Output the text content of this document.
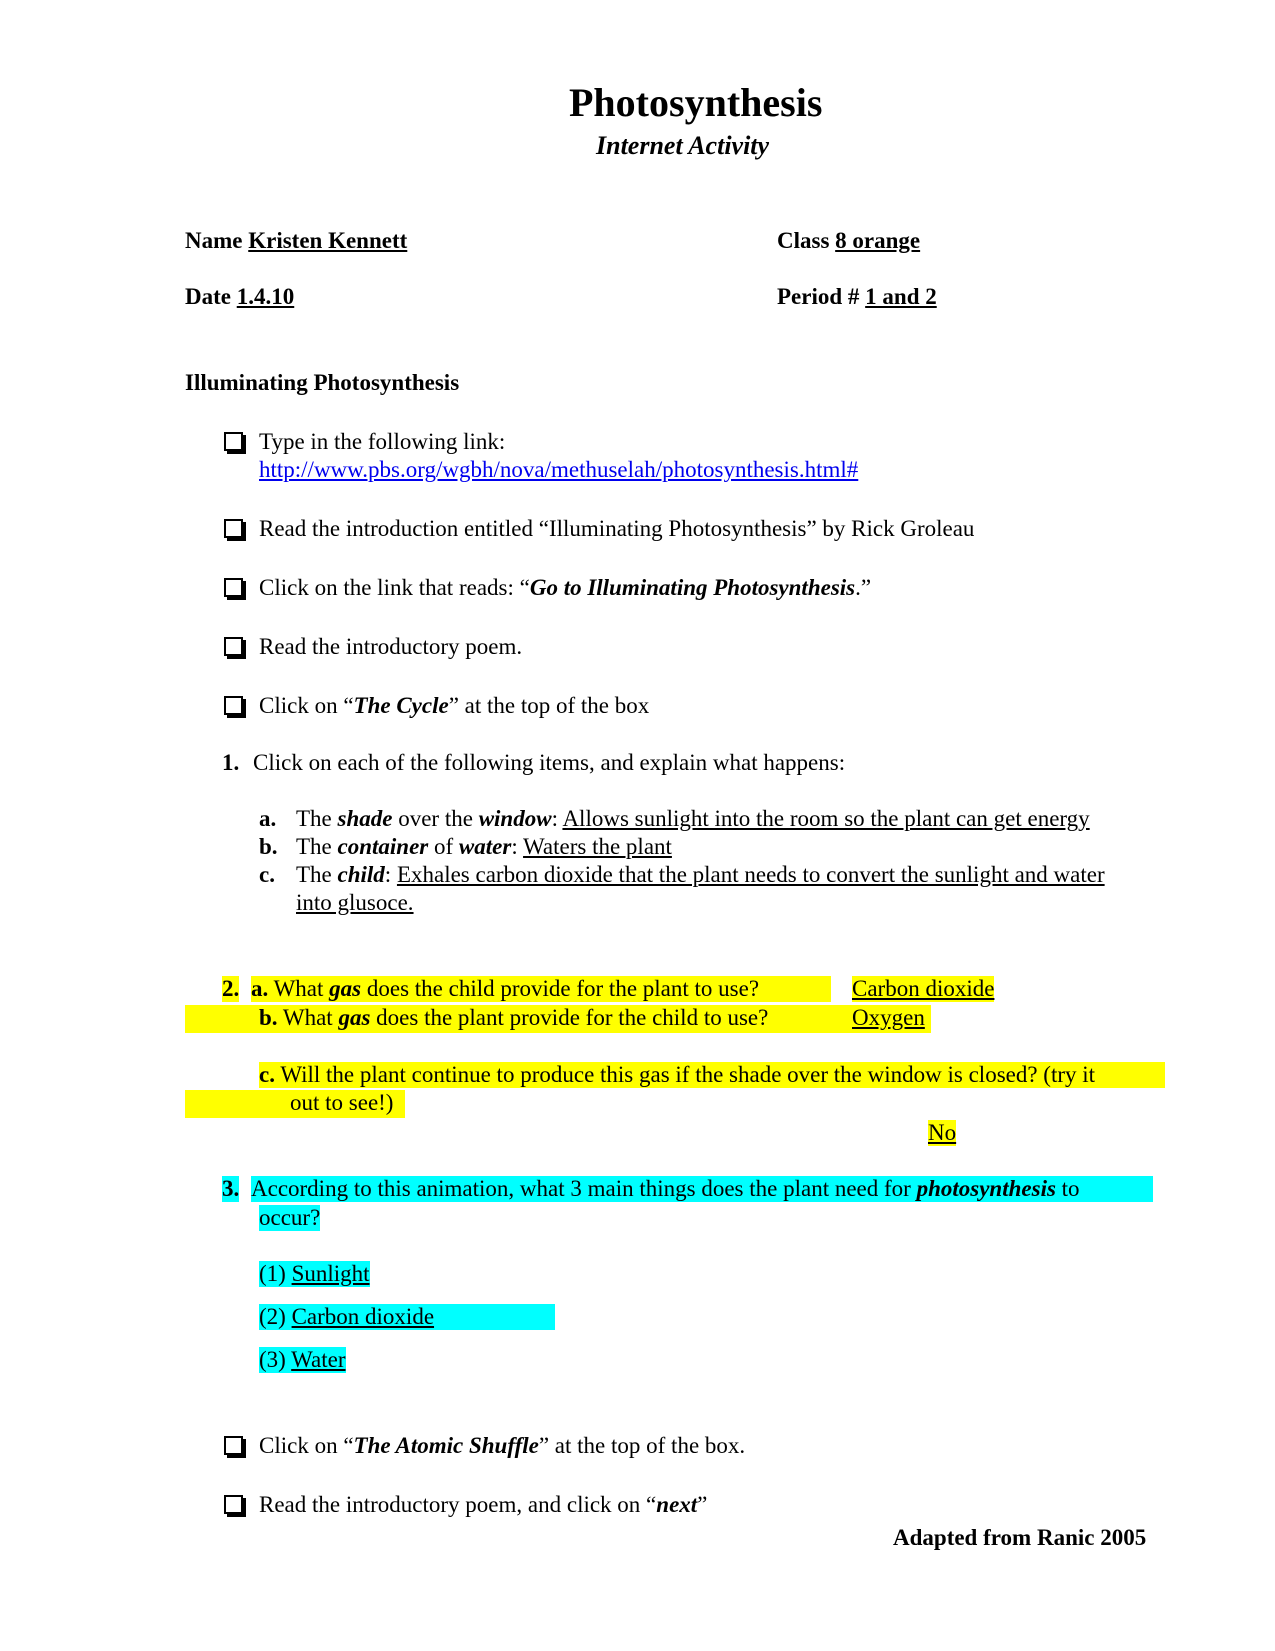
Photosynthesis
Internet Activity
Name Kristen Kennett	Class 8 orange
Date 1.4.10	Period # 1 and 2
Illuminating Photosynthesis
Type in the following link:
http://www.pbs.org/wgbh/nova/methuselah/photosynthesis.html#
Read the introduction entitled “Illuminating Photosynthesis” by Rick Groleau
Click on the link that reads: “Go to Illuminating Photosynthesis.”
Read the introductory poem.
Click on “The Cycle” at the top of the box
1. Click on each of the following items, and explain what happens:
a. The shade over the window: Allows sunlight into the room so the plant can get energy
b. The container of water: Waters the plant
c. The child: Exhales carbon dioxide that the plant needs to convert the sunlight and water
into glusoce.
2. a. What gas does the child provide for the plant to use?	Carbon dioxide
b. What gas does the plant provide for the child to use?	Oxygen
c. Will the plant continue to produce this gas if the shade over the window is closed? (try it
out to see!)
No
3. According to this animation, what 3 main things does the plant need for photosynthesis to
occur?
(1) Sunlight
(2) Carbon dioxide
(3) Water
Click on “The Atomic Shuffle” at the top of the box.
Read the introductory poem, and click on “next”
Adapted from Ranic 2005
